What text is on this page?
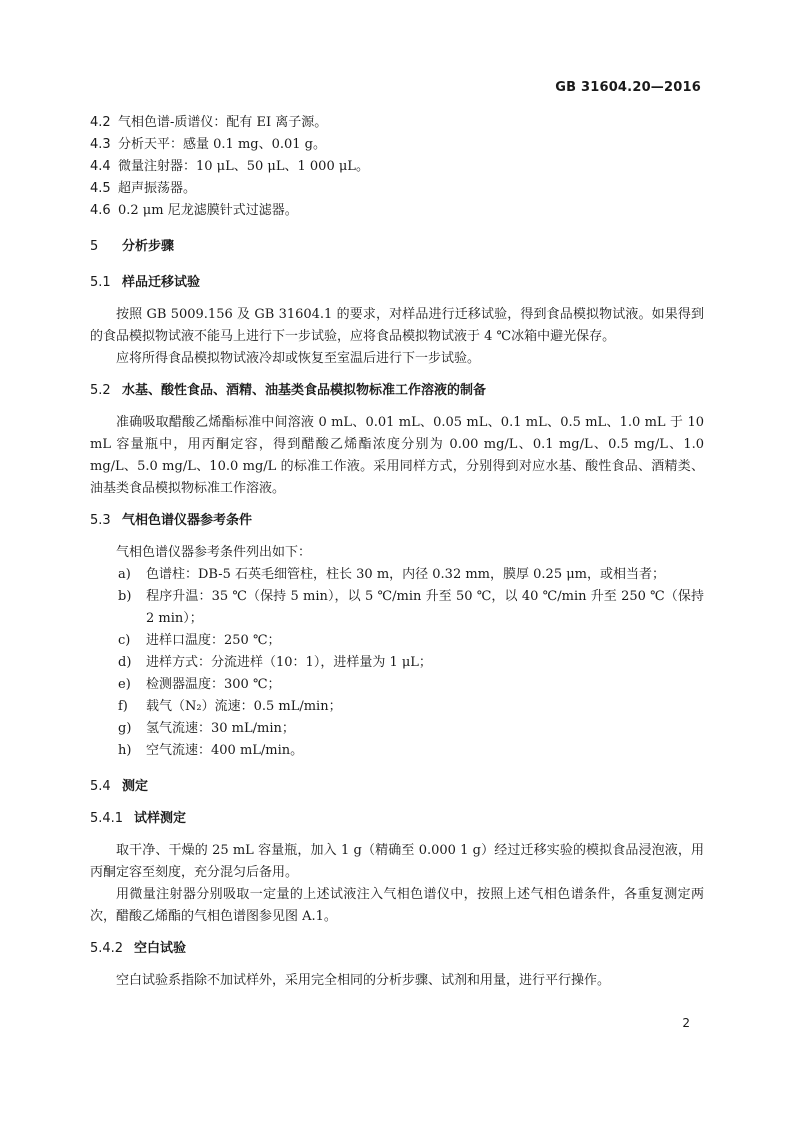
GB 31604.20—2016

4.2 气相色谱-质谱仪：配有 EI 离子源。

4.3 分析天平：感量 0.1 mg、0.01 g。

4.4 微量注射器：10 μL、50 μL、1 000 μL。

4.5 超声振荡器。

4.6 0.2 μm 尼龙滤膜针式过滤器。

5 分析步骤

5.1 样品迁移试验

按照 GB 5009.156 及 GB 31604.1 的要求，对样品进行迁移试验，得到食品模拟物试液。如果得到的食品模拟物试液不能马上进行下一步试验，应将食品模拟物试液于 4 ℃冰箱中避光保存。

应将所得食品模拟物试液冷却或恢复至室温后进行下一步试验。

5.2 水基、酸性食品、酒精、油基类食品模拟物标准工作溶液的制备

准确吸取醋酸乙烯酯标准中间溶液 0 mL、0.01 mL、0.05 mL、0.1 mL、0.5 mL、1.0 mL 于 10 mL 容量瓶中，用丙酮定容，得到醋酸乙烯酯浓度分别为 0.00 mg/L、0.1 mg/L、0.5 mg/L、1.0 mg/L、5.0 mg/L、10.0 mg/L 的标准工作液。采用同样方式，分别得到对应水基、酸性食品、酒精类、油基类食品模拟物标准工作溶液。

5.3 气相色谱仪器参考条件

气相色谱仪器参考条件列出如下：

a) 色谱柱：DB-5 石英毛细管柱，柱长 30 m，内径 0.32 mm，膜厚 0.25 μm，或相当者；

b) 程序升温：35 ℃（保持 5 min），以 5 ℃/min 升至 50 ℃，以 40 ℃/min 升至 250 ℃（保持2 min）；

c) 进样口温度：250 ℃；

d) 进样方式：分流进样（10：1），进样量为 1 μL；

e) 检测器温度：300 ℃；

f) 载气（N₂）流速：0.5 mL/min；

g) 氢气流速：30 mL/min；

h) 空气流速：400 mL/min。

5.4 测定

5.4.1 试样测定

取干净、干燥的 25 mL 容量瓶，加入 1 g（精确至 0.000 1 g）经过迁移实验的模拟食品浸泡液，用丙酮定容至刻度，充分混匀后备用。

用微量注射器分别吸取一定量的上述试液注入气相色谱仪中，按照上述气相色谱条件，各重复测定两次，醋酸乙烯酯的气相色谱图参见图 A.1。

5.4.2 空白试验

空白试验系指除不加试样外，采用完全相同的分析步骤、试剂和用量，进行平行操作。

2
